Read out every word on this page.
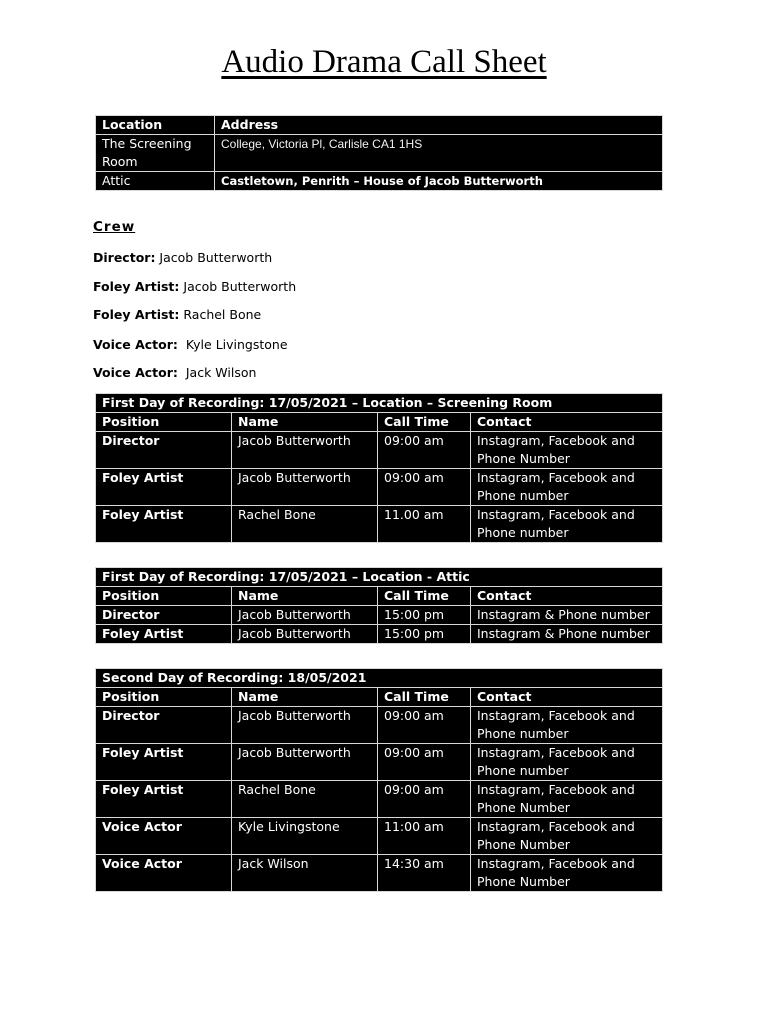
Audio Drama Call Sheet
Location	Address
The Screening Room	College, Victoria Pl, Carlisle CA1 1HS
Attic	Castletown, Penrith – House of Jacob Butterworth
Crew
Director: Jacob Butterworth
Foley Artist: Jacob Butterworth
Foley Artist: Rachel Bone
Voice Actor:  Kyle Livingstone
Voice Actor:  Jack Wilson
First Day of Recording: 17/05/2021 – Location – Screening Room			
Position	Name	Call Time	Contact
Director	Jacob Butterworth	09:00 am	Instagram, Facebook and Phone Number
Foley Artist	Jacob Butterworth	09:00 am	Instagram, Facebook and Phone number
Foley Artist	Rachel Bone	11.00 am	Instagram, Facebook and Phone number
First Day of Recording: 17/05/2021 – Location - Attic			
Position	Name	Call Time	Contact
Director	Jacob Butterworth	15:00 pm	Instagram & Phone number
Foley Artist	Jacob Butterworth	15:00 pm	Instagram & Phone number
Second Day of Recording: 18/05/2021			
Position	Name	Call Time	Contact
Director	Jacob Butterworth	09:00 am	Instagram, Facebook and Phone number
Foley Artist	Jacob Butterworth	09:00 am	Instagram, Facebook and Phone number
Foley Artist	Rachel Bone	09:00 am	Instagram, Facebook and Phone Number
Voice Actor	Kyle Livingstone	11:00 am	Instagram, Facebook and Phone Number
Voice Actor	Jack Wilson	14:30 am	Instagram, Facebook and Phone Number
